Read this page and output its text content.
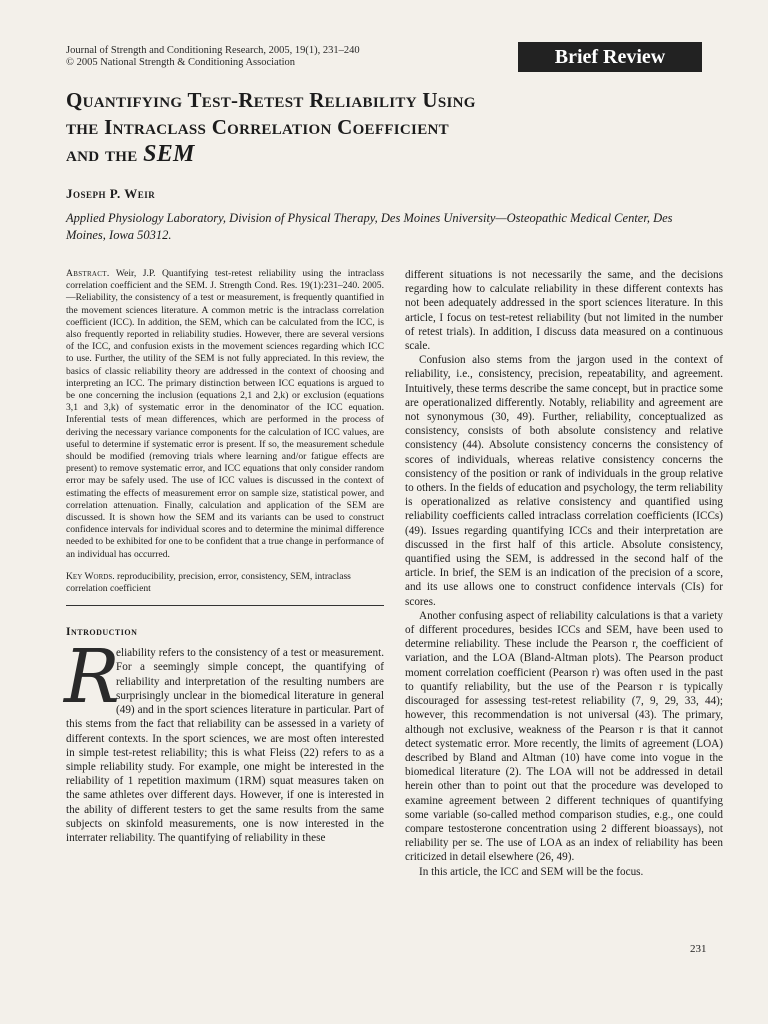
Journal of Strength and Conditioning Research, 2005, 19(1), 231–240
© 2005 National Strength & Conditioning Association	Brief Review
Quantifying Test-Retest Reliability Using
the Intraclass Correlation Coefficient
and the SEM
Joseph P. Weir
Applied Physiology Laboratory, Division of Physical Therapy, Des Moines University—Osteopathic Medical Center, Des Moines, Iowa 50312.
Abstract. Weir, J.P. Quantifying test-retest reliability using the intraclass correlation coefficient and the SEM. J. Strength Cond. Res. 19(1):231–240. 2005.—Reliability, the consistency of a test or measurement, is frequently quantified in the movement sciences literature. A common metric is the intraclass correlation coefficient (ICC). In addition, the SEM, which can be calculated from the ICC, is also frequently reported in reliability studies. However, there are several versions of the ICC, and confusion exists in the movement sciences regarding which ICC to use. Further, the utility of the SEM is not fully appreciated. In this review, the basics of classic reliability theory are addressed in the context of choosing and interpreting an ICC. The primary distinction between ICC equations is argued to be one concerning the inclusion (equations 2,1 and 2,k) or exclusion (equations 3,1 and 3,k) of systematic error in the denominator of the ICC equation. Inferential tests of mean differences, which are performed in the process of deriving the necessary variance components for the calculation of ICC values, are useful to determine if systematic error is present. If so, the measurement schedule should be modified (removing trials where learning and/or fatigue effects are present) to remove systematic error, and ICC equations that only consider random error may be safely used. The use of ICC values is discussed in the context of estimating the effects of measurement error on sample size, statistical power, and correlation attenuation. Finally, calculation and application of the SEM are discussed. It is shown how the SEM and its variants can be used to construct confidence intervals for individual scores and to determine the minimal difference needed to be exhibited for one to be confident that a true change in performance of an individual has occurred.
Key Words. reproducibility, precision, error, consistency, SEM, intraclass correlation coefficient
Introduction

R
eliability refers to the consistency of a test or measurement. For a seemingly simple concept, the quantifying of reliability and interpretation of the resulting numbers are surprisingly unclear in the biomedical literature in general (49) and in the sport sciences literature in particular. Part of this stems from the fact that reliability can be assessed in a variety of different contexts. In the sport sciences, we are most often interested in simple test-retest reliability; this is what Fleiss (22) refers to as a simple reliability study. For example, one might be interested in the reliability of 1 repetition maximum (1RM) squat measures taken on the same athletes over different days. However, if one is interested in the ability of different testers to get the same results from the same subjects on skinfold measurements, one is now interested in the interrater reliability. The quantifying of reliability in these

different situations is not necessarily the same, and the decisions regarding how to calculate reliability in these different contexts has not been adequately addressed in the sport sciences literature. In this article, I focus on test-retest reliability (but not limited in the number of retest trials). In addition, I discuss data measured on a continuous scale.

Confusion also stems from the jargon used in the context of reliability, i.e., consistency, precision, repeatability, and agreement. Intuitively, these terms describe the same concept, but in practice some are operationalized differently. Notably, reliability and agreement are not synonymous (30, 49). Further, reliability, conceptualized as consistency, consists of both absolute consistency and relative consistency (44). Absolute consistency concerns the consistency of scores of individuals, whereas relative consistency concerns the consistency of the position or rank of individuals in the group relative to others. In the fields of education and psychology, the term reliability is operationalized as relative consistency and quantified using reliability coefficients called intraclass correlation coefficients (ICCs) (49). Issues regarding quantifying ICCs and their interpretation are discussed in the first half of this article. Absolute consistency, quantified using the SEM, is addressed in the second half of the article. In brief, the SEM is an indication of the precision of a score, and its use allows one to construct confidence intervals (CIs) for scores.

Another confusing aspect of reliability calculations is that a variety of different procedures, besides ICCs and SEM, have been used to determine reliability. These include the Pearson r, the coefficient of variation, and the LOA (Bland-Altman plots). The Pearson product moment correlation coefficient (Pearson r) was often used in the past to quantify reliability, but the use of the Pearson r is typically discouraged for assessing test-retest reliability (7, 9, 29, 33, 44); however, this recommendation is not universal (43). The primary, although not exclusive, weakness of the Pearson r is that it cannot detect systematic error. More recently, the limits of agreement (LOA) described by Bland and Altman (10) have come into vogue in the biomedical literature (2). The LOA will not be addressed in detail herein other than to point out that the procedure was developed to examine agreement between 2 different techniques of quantifying some variable (so-called method comparison studies, e.g., one could compare testosterone concentration using 2 different bioassays), not reliability per se. The use of LOA as an index of reliability has been criticized in detail elsewhere (26, 49).

In this article, the ICC and SEM will be the focus.

231
